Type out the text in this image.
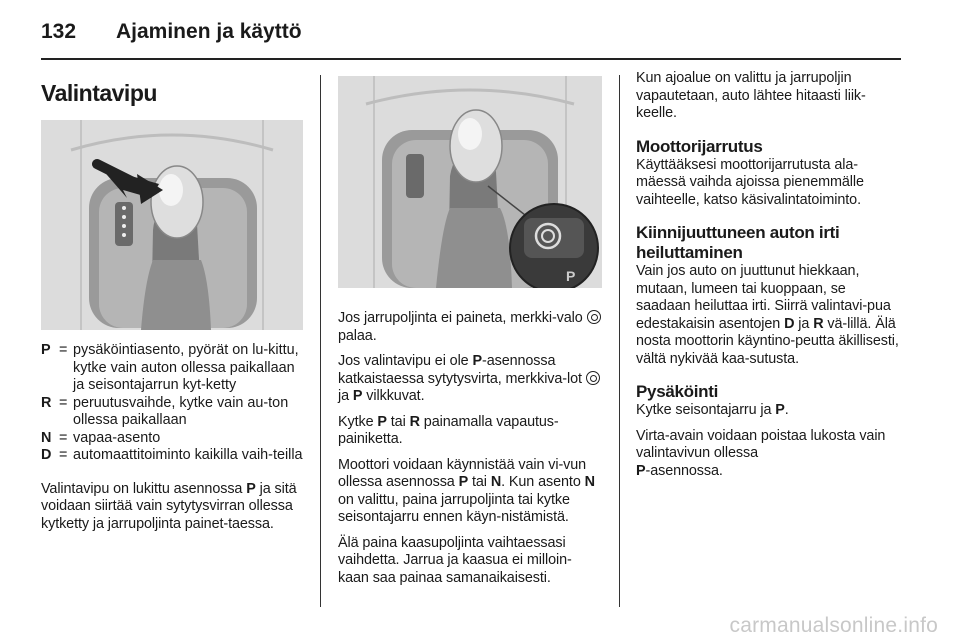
132 Ajaminen ja käyttö
Valintavipu
P = pysäköintiasento, pyörät on lu-kittu, kytke vain auton ollessa paikallaan ja seisontajarrun kyt-ketty
R = peruutusvaihde, kytke vain au-ton ollessa paikallaan
N = vapaa-asento
D = automaattitoiminto kaikilla vaih-teilla

Valintavipu on lukittu asennossa P ja sitä voidaan siirtää vain sytytysvirran ollessa kytketty ja jarrupoljinta painet-taessa.

P

Jos jarrupoljinta ei paineta, merkki-valo  palaa.

Jos valintavipu ei ole P-asennossa katkaistaessa sytytysvirta, merkkiva-lot  ja P vilkkuvat.

Kytke P tai R painamalla vapautus-painiketta.

Moottori voidaan käynnistää vain vi-vun ollessa asennossa P tai N. Kun asento N on valittu, paina jarrupoljinta tai kytke seisontajarru ennen käyn-nistämistä.

Älä paina kaasupoljinta vaihtaessasi vaihdetta. Jarrua ja kaasua ei milloin-kaan saa painaa samanaikaisesti.

Kun ajoalue on valittu ja jarrupoljin vapautetaan, auto lähtee hitaasti liik-keelle.

Moottorijarrutus

Käyttääksesi moottorijarrutusta ala-mäessä vaihda ajoissa pienemmälle vaihteelle, katso käsivalintatoiminto.

Kiinnijuuttuneen auton irti heiluttaminen

Vain jos auto on juuttunut hiekkaan, mutaan, lumeen tai kuoppaan, se saadaan heiluttaa irti. Siirrä valintavi-pua edestakaisin asentojen D ja R vä-lillä. Älä nosta moottorin käyntino-peutta äkillisesti, vältä nykivää kaa-sutusta.

Pysäköinti

Kytke seisontajarru ja P.

Virta-avain voidaan poistaa lukosta vain valintavivun ollessa

P-asennossa.

carmanualsonline.info
